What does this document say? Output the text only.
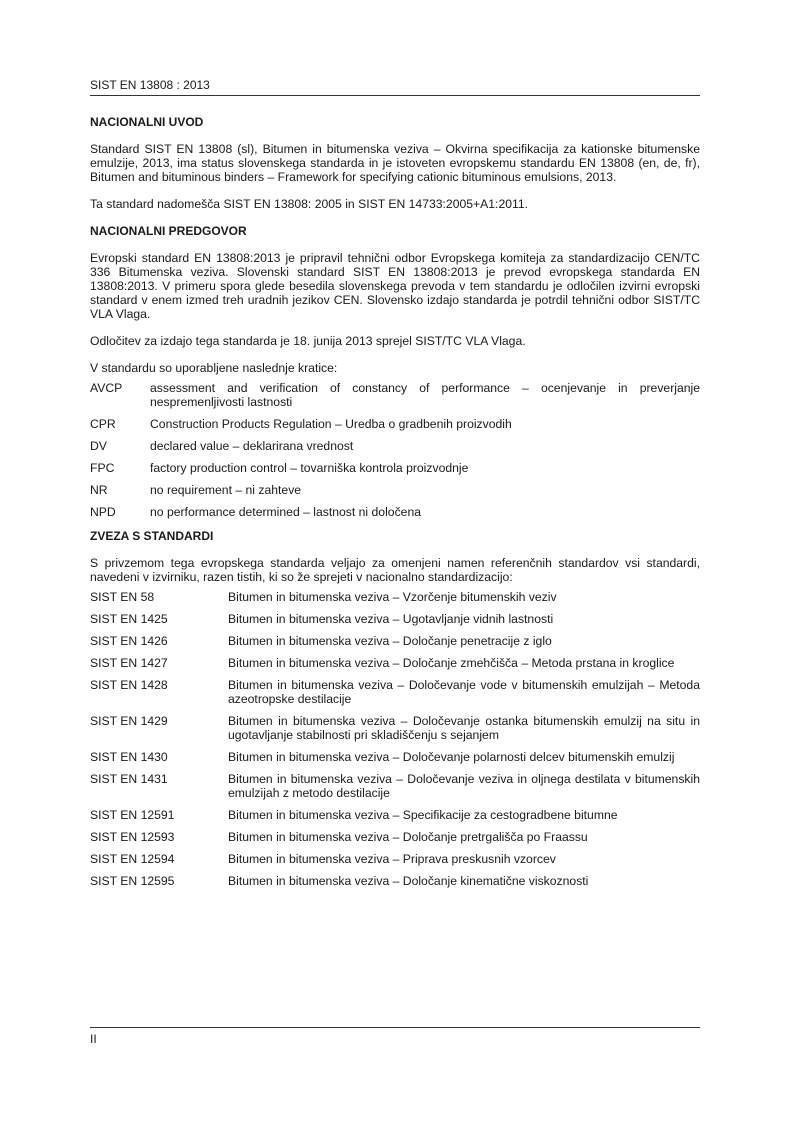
SIST EN 13808 : 2013
NACIONALNI UVOD

Standard SIST EN 13808 (sl), Bitumen in bitumenska veziva – Okvirna specifikacija za kationske bitumenske emulzije, 2013, ima status slovenskega standarda in je istoveten evropskemu standardu EN 13808 (en, de, fr), Bitumen and bituminous binders – Framework for specifying cationic bituminous emulsions, 2013.

Ta standard nadomešča SIST EN 13808: 2005 in SIST EN 14733:2005+A1:2011.

NACIONALNI PREDGOVOR

Evropski standard EN 13808:2013 je pripravil tehnični odbor Evropskega komiteja za standardizacijo CEN/TC 336 Bitumenska veziva. Slovenski standard SIST EN 13808:2013 je prevod evropskega standarda EN 13808:2013. V primeru spora glede besedila slovenskega prevoda v tem standardu je odločilen izvirni evropski standard v enem izmed treh uradnih jezikov CEN. Slovensko izdajo standarda je potrdil tehnični odbor SIST/TC VLA Vlaga.

Odločitev za izdajo tega standarda je 18. junija 2013 sprejel SIST/TC VLA Vlaga.

V standardu so uporabljene naslednje kratice:

AVCP	assessment and verification of constancy of performance – ocenjevanje in preverjanje nespremenljivosti lastnosti
CPR	Construction Products Regulation – Uredba o gradbenih proizvodih
DV	declared value – deklarirana vrednost
FPC	factory production control – tovarniška kontrola proizvodnje
NR	no requirement – ni zahteve
NPD	no performance determined – lastnost ni določena
ZVEZA S STANDARDI

S privzemom tega evropskega standarda veljajo za omenjeni namen referenčnih standardov vsi standardi, navedeni v izvirniku, razen tistih, ki so že sprejeti v nacionalno standardizacijo:

SIST EN 58	Bitumen in bitumenska veziva – Vzorčenje bitumenskih veziv
SIST EN 1425	Bitumen in bitumenska veziva – Ugotavljanje vidnih lastnosti
SIST EN 1426	Bitumen in bitumenska veziva – Določanje penetracije z iglo
SIST EN 1427	Bitumen in bitumenska veziva – Določanje zmehčišča – Metoda prstana in kroglice
SIST EN 1428	Bitumen in bitumenska veziva – Določevanje vode v bitumenskih emulzijah – Metoda azeotropske destilacije
SIST EN 1429	Bitumen in bitumenska veziva – Določevanje ostanka bitumenskih emulzij na situ in ugotavljanje stabilnosti pri skladiščenju s sejanjem
SIST EN 1430	Bitumen in bitumenska veziva – Določevanje polarnosti delcev bitumenskih emulzij
SIST EN 1431	Bitumen in bitumenska veziva – Določevanje veziva in oljnega destilata v bitumenskih emulzijah z metodo destilacije
SIST EN 12591	Bitumen in bitumenska veziva – Specifikacije za cestogradbene bitumne
SIST EN 12593	Bitumen in bitumenska veziva – Določanje pretrgališča po Fraassu
SIST EN 12594	Bitumen in bitumenska veziva – Priprava preskusnih vzorcev
SIST EN 12595	Bitumen in bitumenska veziva – Določanje kinematične viskoznosti
II
